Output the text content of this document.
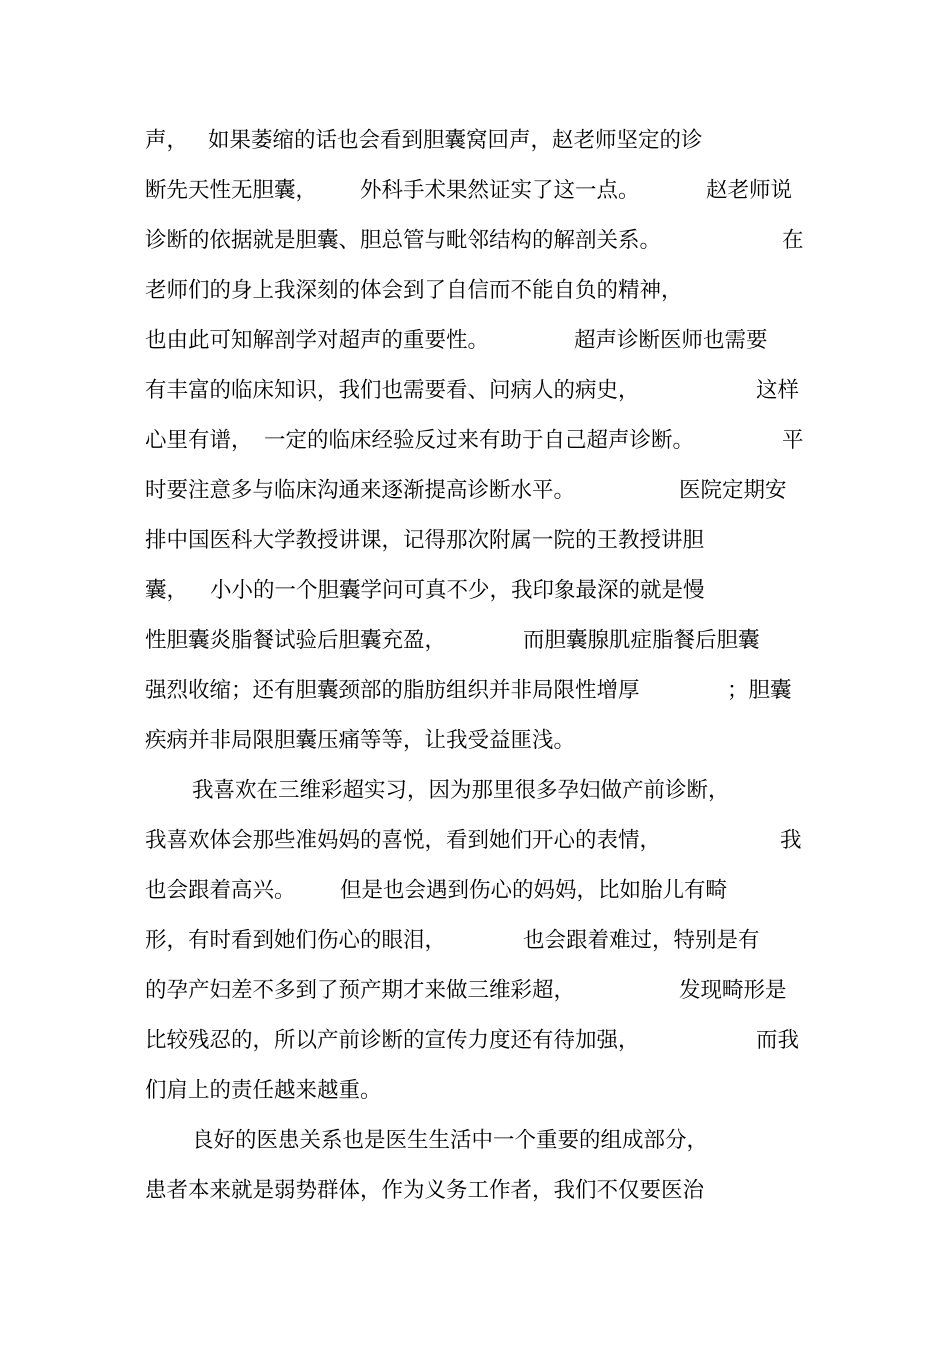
声，

如果萎缩的话也会看到胆囊窝回声，赵老师坚定的诊

断先天性无胆囊，

外科手术果然证实了这一点。

	赵老师说

诊断的依据就是胆囊、胆总管与毗邻结构的解剖关系。

	在

老师们的身上我深刻的体会到了自信而不能自负的精神，

也由此可知解剖学对超声的重要性。

	超声诊断医师也需要

有丰富的临床知识，我们也需要看、问病人的病史，

	这样

心里有谱，

一定的临床经验反过来有助于自己超声诊断。

	平

时要注意多与临床沟通来逐渐提高诊断水平。

	医院定期安

排中国医科大学教授讲课，记得那次附属一院的王教授讲胆

囊，

小小的一个胆囊学问可真不少，我印象最深的就是慢

性胆囊炎脂餐试验后胆囊充盈，

	而胆囊腺肌症脂餐后胆囊

强烈收缩；还有胆囊颈部的脂肪组织并非局限性增厚

	；胆囊

疾病并非局限胆囊压痛等等，让我受益匪浅。

我喜欢在三维彩超实习，因为那里很多孕妇做产前诊断，

我喜欢体会那些准妈妈的喜悦，看到她们开心的表情，

	我

也会跟着高兴。

但是也会遇到伤心的妈妈，比如胎儿有畸

形，有时看到她们伤心的眼泪，

	也会跟着难过，特别是有

的孕产妇差不多到了预产期才来做三维彩超，

	发现畸形是

比较残忍的，所以产前诊断的宣传力度还有待加强，

	而我

们肩上的责任越来越重。

良好的医患关系也是医生生活中一个重要的组成部分，

患者本来就是弱势群体，作为义务工作者，我们不仅要医治
